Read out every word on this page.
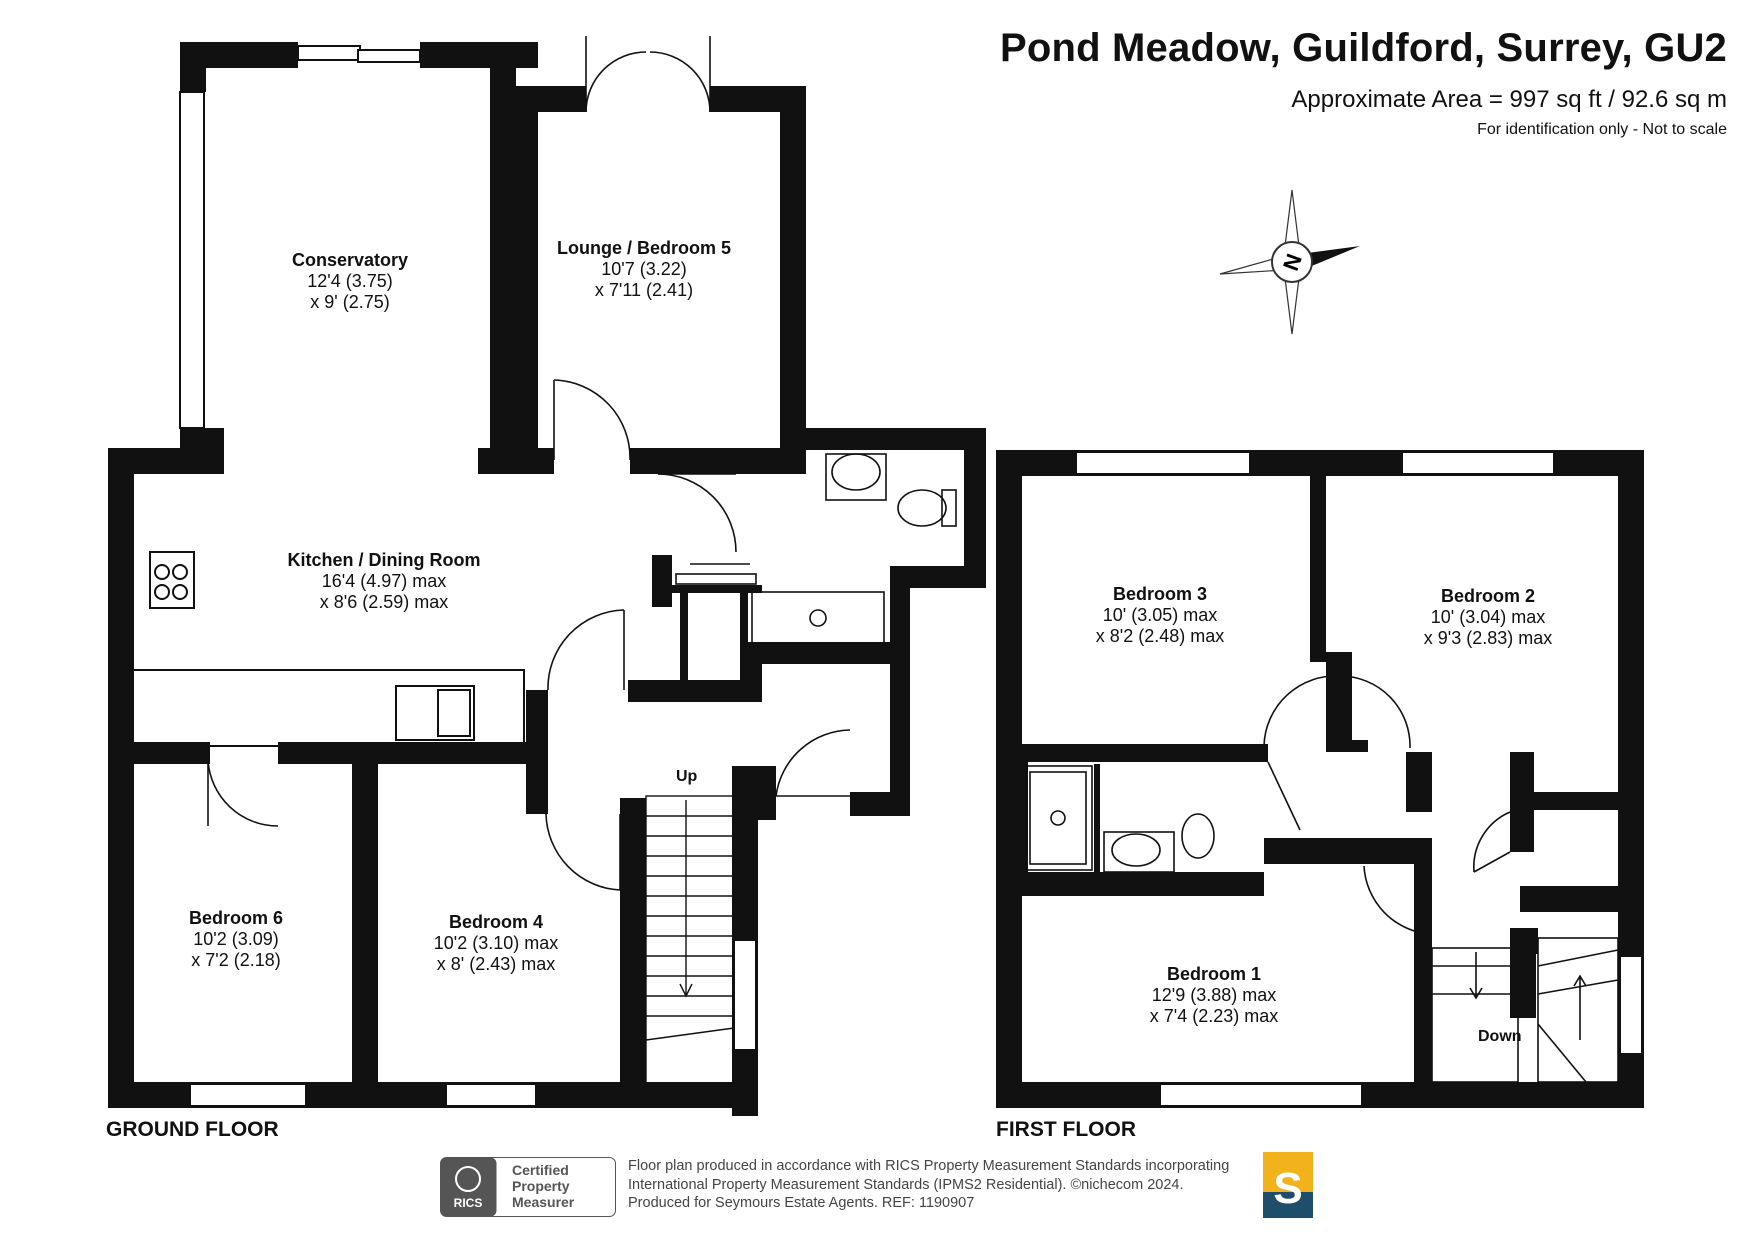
N
Pond Meadow, Guildford, Surrey, GU2
Approximate Area = 997 sq ft / 92.6 sq m
For identification only - Not to scale
Conservatory
12'4 (3.75)
x 9' (2.75)
Lounge / Bedroom 5
10'7 (3.22)
x 7'11 (2.41)
Kitchen / Dining Room
16'4 (4.97) max
x 8'6 (2.59) max
Bedroom 6
10'2 (3.09)
x 7'2 (2.18)
Bedroom 4
10'2 (3.10) max
x 8' (2.43) max
Up
Bedroom 3
10' (3.05) max
x 8'2 (2.48) max
Bedroom 2
10' (3.04) max
x 9'3 (2.83) max
Bedroom 1
12'9 (3.88) max
x 7'4 (2.23) max
Down
GROUND FLOOR	FIRST FLOOR
RICS
Certified
Property
Measurer
Floor plan produced in accordance with RICS Property Measurement Standards incorporating
International Property Measurement Standards (IPMS2 Residential). ©nichecom 2024.
Produced for Seymours Estate Agents. REF: 1190907	S
